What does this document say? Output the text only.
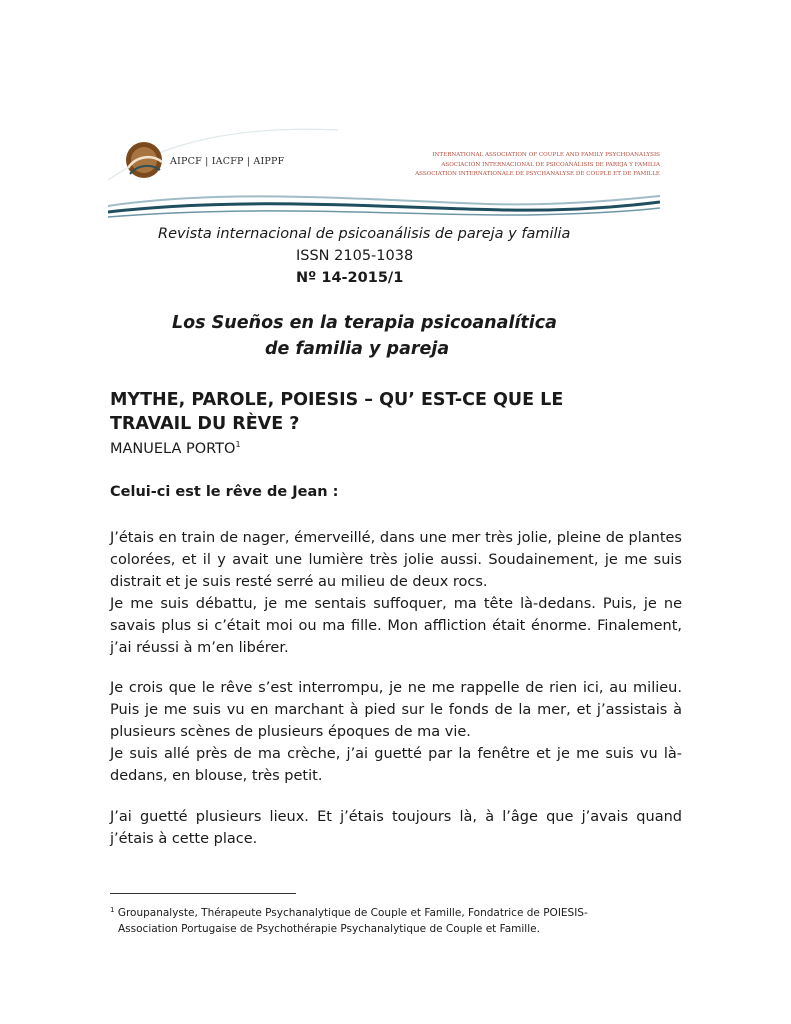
AIPCF | IACFP | AIPPF
INTERNATIONAL ASSOCIATION OF COUPLE AND FAMILY PSYCHOANALYSIS
ASOCIACIÓN INTERNACIONAL DE PSICOANÁLISIS DE PAREJA Y FAMILIA
ASSOCIATION INTERNATIONALE DE PSYCHANALYSE DE COUPLE ET DE FAMILLE
Revista internacional de psicoanálisis de pareja y familia
ISSN 2105-1038
Nº 14-2015/1
Los Sueños en la terapia psicoanalítica
de familia y pareja
MYTHE, PAROLE, POIESIS – QU’ EST-CE QUE LE
TRAVAIL DU RÈVE ?
MANUELA PORTO$^1$
Celui-ci est le rêve de Jean :

J’étais en train de nager, émerveillé, dans une mer très jolie, pleine de plantes colorées, et il y avait une lumière très jolie aussi. Soudainement, je me suis distrait et je suis resté serré au milieu de deux rocs.

Je me suis débattu, je me sentais suffoquer, ma tête là-dedans. Puis, je ne savais plus si c’était moi ou ma fille. Mon affliction était énorme. Finalement, j’ai réussi à m’en libérer.

Je crois que le rêve s’est interrompu, je ne me rappelle de rien ici, au milieu. Puis je me suis vu en marchant à pied sur le fonds de la mer, et j’assistais à plusieurs scènes de plusieurs époques de ma vie.

Je suis allé près de ma crèche, j’ai guetté par la fenêtre et je me suis vu là-dedans, en blouse, très petit.

J’ai guetté plusieurs lieux. Et j’étais toujours là, à l’âge que j’avais quand j’étais à cette place.

$^1$ Groupanalyste, Thérapeute Psychanalytique de Couple et Famille, Fondatrice de POIESIS-
Association Portugaise de Psychothérapie Psychanalytique de Couple et Famille.
